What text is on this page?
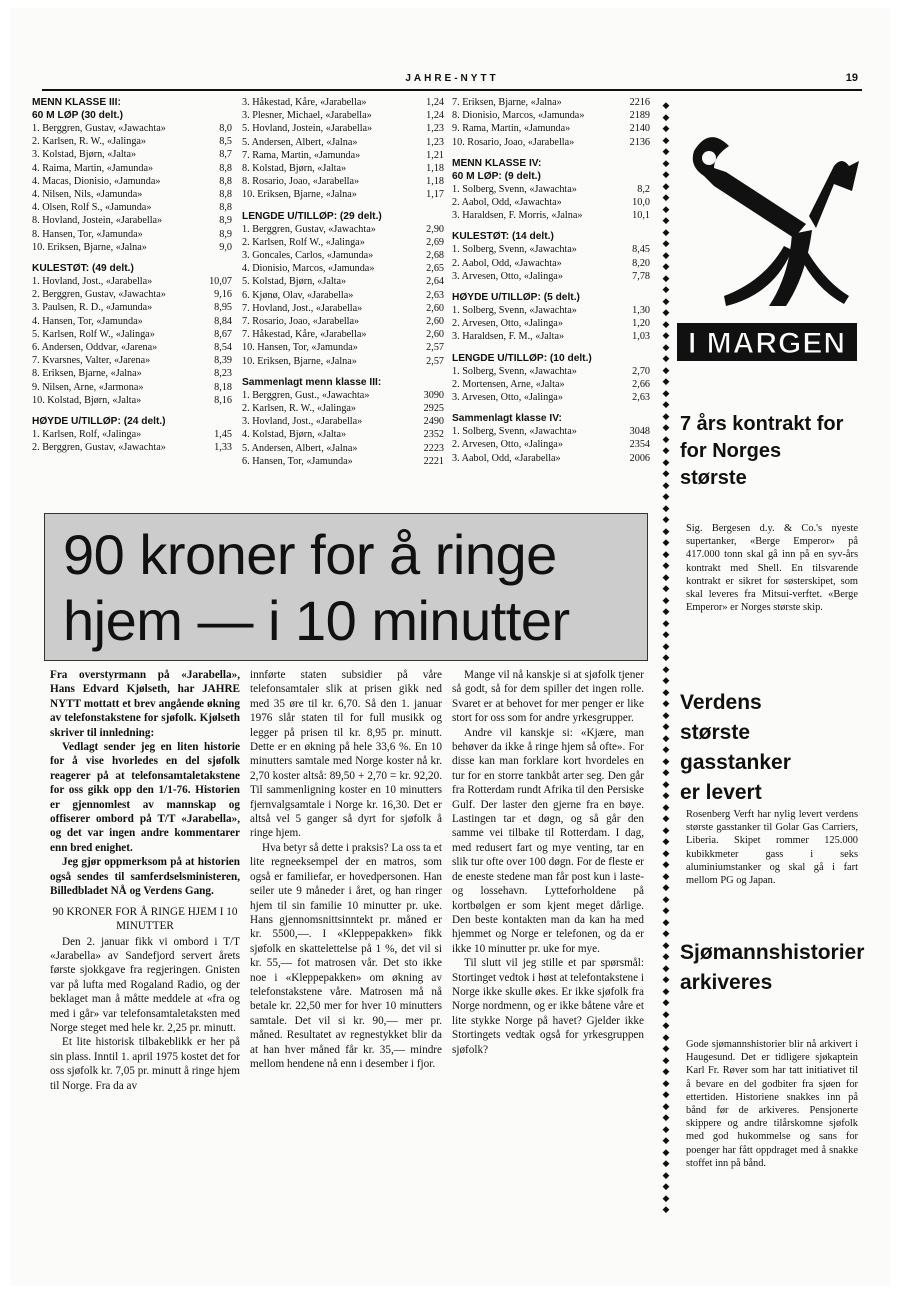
JAHRE-NYTT	19
MENN KLASSE III:
60 M LØP (30 delt.)
1. Berggren, Gustav, «Jawachta»	8,0
2. Karlsen, R. W., «Jalinga»	8,5
3. Kolstad, Bjørn, «Jalta»	8,7
4. Raima, Martin, «Jamunda»	8,8
4. Macas, Dionisio, «Jamunda»	8,8
4. Nilsen, Nils, «Jamunda»	8,8
4. Olsen, Rolf S., «Jamunda»	8,8
8. Hovland, Jostein, «Jarabella»	8,9
8. Hansen, Tor, «Jamunda»	8,9
10. Eriksen, Bjarne, «Jalna»	9,0
KULESTØT: (49 delt.)
1. Hovland, Jost., «Jarabella»	10,07
2. Berggren, Gustav, «Jawachta»	9,16
3. Paulsen, R. D., «Jamunda»	8,95
4. Hansen, Tor, «Jamunda»	8,84
5. Karlsen, Rolf W., «Jalinga»	8,67
6. Andersen, Oddvar, «Jarena»	8,54
7. Kvarsnes, Valter, «Jarena»	8,39
8. Eriksen, Bjarne, «Jalna»	8,23
9. Nilsen, Arne, «Jarmona»	8,18
10. Kolstad, Bjørn, «Jalta»	8,16
HØYDE U/TILLØP: (24 delt.)
1. Karlsen, Rolf, «Jalinga»	1,45
2. Berggren, Gustav, «Jawachta»	1,33
3. Håkestad, Kåre, «Jarabella»	1,24
3. Plesner, Michael, «Jarabella»	1,24
5. Hovland, Jostein, «Jarabella»	1,23
5. Andersen, Albert, «Jalna»	1,23
7. Rama, Martin, «Jamunda»	1,21
8. Kolstad, Bjørn, «Jalta»	1,18
8. Rosario, Joao, «Jarabella»	1,18
10. Eriksen, Bjarne, «Jalna»	1,17
LENGDE U/TILLØP: (29 delt.)
1. Berggren, Gustav, «Jawachta»	2,90
2. Karlsen, Rolf W., «Jalinga»	2,69
3. Goncales, Carlos, «Jamunda»	2,68
4. Dionisio, Marcos, «Jamunda»	2,65
5. Kolstad, Bjørn, «Jalta»	2,64
6. Kjønø, Olav, «Jarabella»	2,63
7. Hovland, Jost., «Jarabella»	2,60
7. Rosario, Joao, «Jarabella»	2,60
7. Håkestad, Kåre, «Jarabella»	2,60
10. Hansen, Tor, «Jamunda»	2,57
10. Eriksen, Bjarne, «Jalna»	2,57
Sammenlagt menn klasse III:
1. Berggren, Gust., «Jawachta»	3090
2. Karlsen, R. W., «Jalinga»	2925
3. Hovland, Jost., «Jarabella»	2490
4. Kolstad, Bjørn, «Jalta»	2352
5. Andersen, Albert, «Jalna»	2223
6. Hansen, Tor, «Jamunda»	2221
7. Eriksen, Bjarne, «Jalna»	2216
8. Dionisio, Marcos, «Jamunda»	2189
9. Rama, Martin, «Jamunda»	2140
10. Rosario, Joao, «Jarabella»	2136
MENN KLASSE IV:
60 M LØP: (9 delt.)
1. Solberg, Svenn, «Jawachta»	8,2
2. Aabol, Odd, «Jawachta»	10,0
3. Haraldsen, F. Morris, «Jalna»	10,1
KULESTØT: (14 delt.)
1. Solberg, Svenn, «Jawachta»	8,45
2. Aabol, Odd, «Jawachta»	8,20
3. Arvesen, Otto, «Jalinga»	7,78
HØYDE U/TILLØP: (5 delt.)
1. Solberg, Svenn, «Jawachta»	1,30
2. Arvesen, Otto, «Jalinga»	1,20
3. Haraldsen, F. M., «Jalta»	1,03
LENGDE U/TILLØP: (10 delt.)
1. Solberg, Svenn, «Jawachta»	2,70
2. Mortensen, Arne, «Jalta»	2,66
3. Arvesen, Otto, «Jalinga»	2,63
Sammenlagt klasse IV:
1. Solberg, Svenn, «Jawachta»	3048
2. Arvesen, Otto, «Jalinga»	2354
3. Aabol, Odd, «Jarabella»	2006
◆
◆
◆
◆
◆
◆
◆
◆
◆
◆
◆
◆
◆
◆
◆
◆
◆
◆
◆
◆
◆
◆
◆
◆
◆
◆
◆
◆
◆
◆
◆
◆
◆
◆
◆
◆
◆
◆
◆
◆
◆
◆
◆
◆
◆
◆
◆
◆
◆
◆
◆
◆
◆
◆
◆
◆
◆
◆
◆
◆
◆
◆
◆
◆
◆
◆
◆
◆
◆
◆
◆
◆
◆
◆
◆
◆
◆
◆
◆
◆
◆
◆
◆
◆
◆
◆
◆
◆
◆
◆
◆
◆
◆
◆
◆
◆
◆
90 kroner for å ringe
hjem — i 10 minutter

Fra overstyrmann på «Jarabella», Hans Edvard Kjølseth, har JAHRE NYTT mottatt et brev angående økning av telefonstakstene for sjøfolk. Kjølseth skriver til innledning:

Vedlagt sender jeg en liten historie for å vise hvorledes en del sjøfolk reagerer på at telefonsamtaletakstene for oss gikk opp den 1/1-76. Historien er gjennomlest av mannskap og offiserer ombord på T/T «Jarabella», og det var ingen andre kommentarer enn bred enighet.

Jeg gjør oppmerksom på at historien også sendes til samferdselsministeren, Billedbladet NÅ og Verdens Gang.

90 KRONER FOR Å RINGE HJEM I 10 MINUTTER

Den 2. januar fikk vi ombord i T/T «Jarabella» av Sandefjord servert årets første sjokkgave fra regjeringen. Gnisten var på lufta med Rogaland Radio, og der beklaget man å måtte meddele at «fra og med i går» var telefonsamtaletaksten med Norge steget med hele kr. 2,25 pr. minutt.

Et lite historisk tilbakeblikk er her på sin plass. Inntil 1. april 1975 kostet det for oss sjøfolk kr. 7,05 pr. minutt å ringe hjem til Norge. Fra da av

innførte staten subsidier på våre telefonsamtaler slik at prisen gikk ned med 35 øre til kr. 6,70. Så den 1. januar 1976 slår staten til for full musikk og legger på prisen til kr. 8,95 pr. minutt. Dette er en økning på hele 33,6 %. En 10 minutters samtale med Norge koster nå kr. 2,70 koster altså: 89,50 + 2,70 = kr. 92,20. Til sammenligning koster en 10 minutters fjernvalgsamtale i Norge kr. 16,30. Det er altså vel 5 ganger så dyrt for sjøfolk å ringe hjem.

Hva betyr så dette i praksis? La oss ta et lite regneeksempel der en matros, som også er familiefar, er hovedpersonen. Han seiler ute 9 måneder i året, og han ringer hjem til sin familie 10 minutter pr. uke. Hans gjennomsnittsinntekt pr. måned er kr. 5500,—. I «Kleppepakken» fikk sjøfolk en skattelettelse på 1 %, det vil si kr. 55,— fot matrosen vår. Det sto ikke noe i «Kleppepakken» om økning av telefonstakstene våre. Matrosen må nå betale kr. 22,50 mer for hver 10 minutters samtale. Det vil si kr. 90,— mer pr. måned. Resultatet av regnestykket blir da at han hver måned får kr. 35,— mindre mellom hendene nå enn i desember i fjor.

Mange vil nå kanskje si at sjøfolk tjener så godt, så for dem spiller det ingen rolle. Svaret er at behovet for mer penger er like stort for oss som for andre yrkesgrupper.

Andre vil kanskje si: «Kjære, man behøver da ikke å ringe hjem så ofte». For disse kan man forklare kort hvordeles en tur for en storre tankbåt arter seg. Den går fra Rotterdam rundt Afrika til den Persiske Gulf. Der laster den gjerne fra en bøye. Lastingen tar et døgn, og så går den samme vei tilbake til Rotterdam. I dag, med redusert fart og mye venting, tar en slik tur ofte over 100 døgn. For de fleste er de eneste stedene man får post kun i laste- og lossehavn. Lytteforholdene på kortbølgen er som kjent meget dårlige. Den beste kontakten man da kan ha med hjemmet og Norge er telefonen, og da er ikke 10 minutter pr. uke for mye.

Til slutt vil jeg stille et par spørsmål: Stortinget vedtok i høst at telefontakstene i Norge ikke skulle økes. Er ikke sjøfolk fra Norge nordmenn, og er ikke båtene våre et lite stykke Norge på havet? Gjelder ikke Stortingets vedtak også for yrkesgruppen sjøfolk?

I MARGEN
7 års kontrakt for for Norges største
Sig. Bergesen d.y. & Co.'s nyeste supertanker, «Berge Emperor» på 417.000 tonn skal gå inn på en syv-års kontrakt med Shell. En tilsvarende kontrakt er sikret for søsterskipet, som skal leveres fra Mitsui-verftet. «Berge Emperor» er Norges største skip.
Verdens største gasstanker er levert
Rosenberg Verft har nylig levert verdens største gasstanker til Golar Gas Carriers, Liberia. Skipet rommer 125.000 kubikkmeter gass i seks aluminiumstanker og skal gå i fart mellom PG og Japan.
Sjømannshistorier arkiveres
Gode sjømannshistorier blir nå arkivert i Haugesund. Det er tidligere sjøkaptein Karl Fr. Røver som har tatt initiativet til å bevare en del godbiter fra sjøen for ettertiden. Historiene snakkes inn på bånd før de arkiveres. Pensjonerte skippere og andre tilårskomne sjøfolk med god hukommelse og sans for poenger har fått oppdraget med å snakke stoffet inn på bånd.
